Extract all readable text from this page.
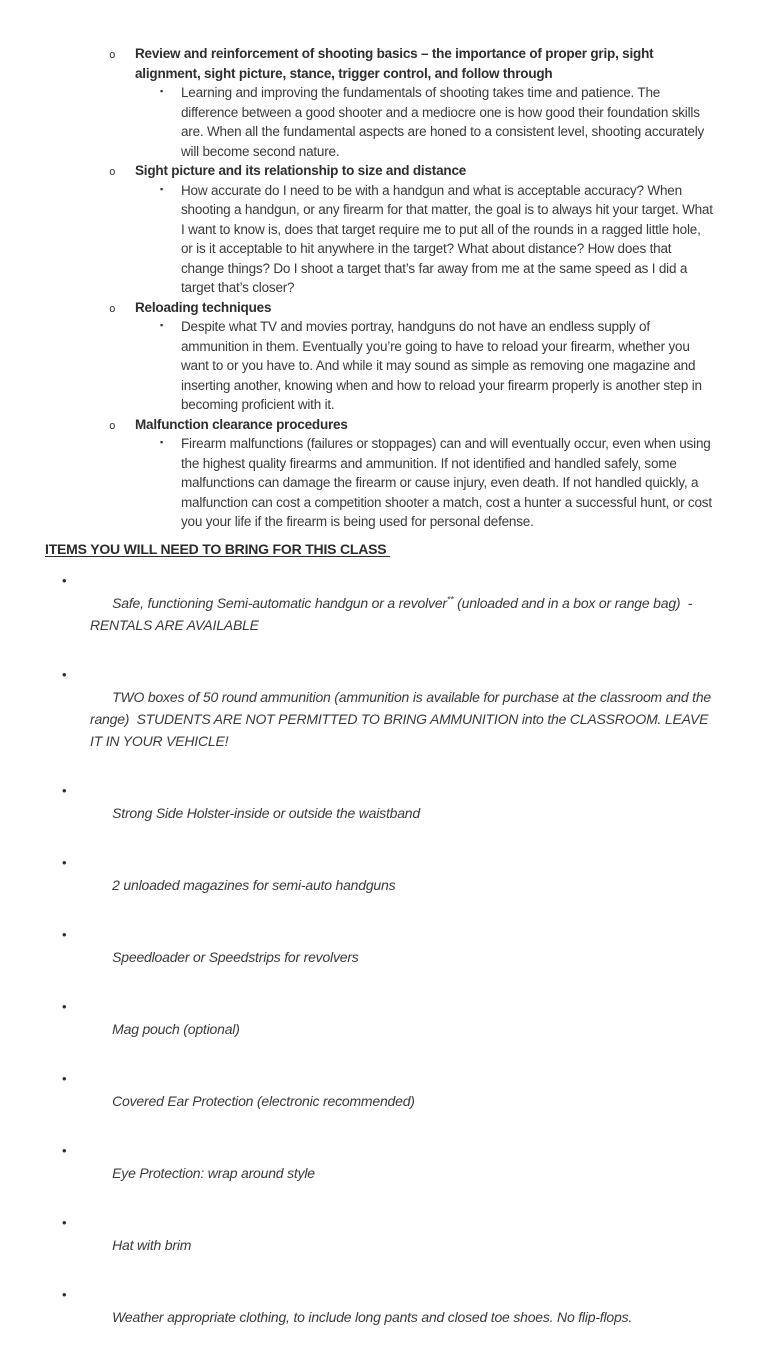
o Review and reinforcement of shooting basics – the importance of proper grip, sight alignment, sight picture, stance, trigger control, and follow through
▪ Learning and improving the fundamentals of shooting takes time and patience. The difference between a good shooter and a mediocre one is how good their foundation skills are. When all the fundamental aspects are honed to a consistent level, shooting accurately will become second nature.
o Sight picture and its relationship to size and distance
▪ How accurate do I need to be with a handgun and what is acceptable accuracy? When shooting a handgun, or any firearm for that matter, the goal is to always hit your target. What I want to know is, does that target require me to put all of the rounds in a ragged little hole, or is it acceptable to hit anywhere in the target? What about distance? How does that change things? Do I shoot a target that’s far away from me at the same speed as I did a target that’s closer?
o Reloading techniques
▪ Despite what TV and movies portray, handguns do not have an endless supply of ammunition in them. Eventually you’re going to have to reload your firearm, whether you want to or you have to. And while it may sound as simple as removing one magazine and inserting another, knowing when and how to reload your firearm properly is another step in becoming proficient with it.
o Malfunction clearance procedures
▪ Firearm malfunctions (failures or stoppages) can and will eventually occur, even when using the highest quality firearms and ammunition. If not identified and handled safely, some malfunctions can damage the firearm or cause injury, even death. If not handled quickly, a malfunction can cost a competition shooter a match, cost a hunter a successful hunt, or cost you your life if the firearm is being used for personal defense.
ITEMS YOU WILL NEED TO BRING FOR THIS CLASS

•
Safe, functioning Semi-automatic handgun or a revolver** (unloaded and in a box or range bag)  - RENTALS ARE AVAILABLE

•
TWO boxes of 50 round ammunition (ammunition is available for purchase at the classroom and the range)  STUDENTS ARE NOT PERMITTED TO BRING AMMUNITION into the CLASSROOM. LEAVE IT IN YOUR VEHICLE!

•
Strong Side Holster-inside or outside the waistband

•
2 unloaded magazines for semi-auto handguns

•
Speedloader or Speedstrips for revolvers

•
Mag pouch (optional)

•
Covered Ear Protection (electronic recommended)

•
Eye Protection: wrap around style

•
Hat with brim

•
Weather appropriate clothing, to include long pants and closed toe shoes. No flip-flops.
